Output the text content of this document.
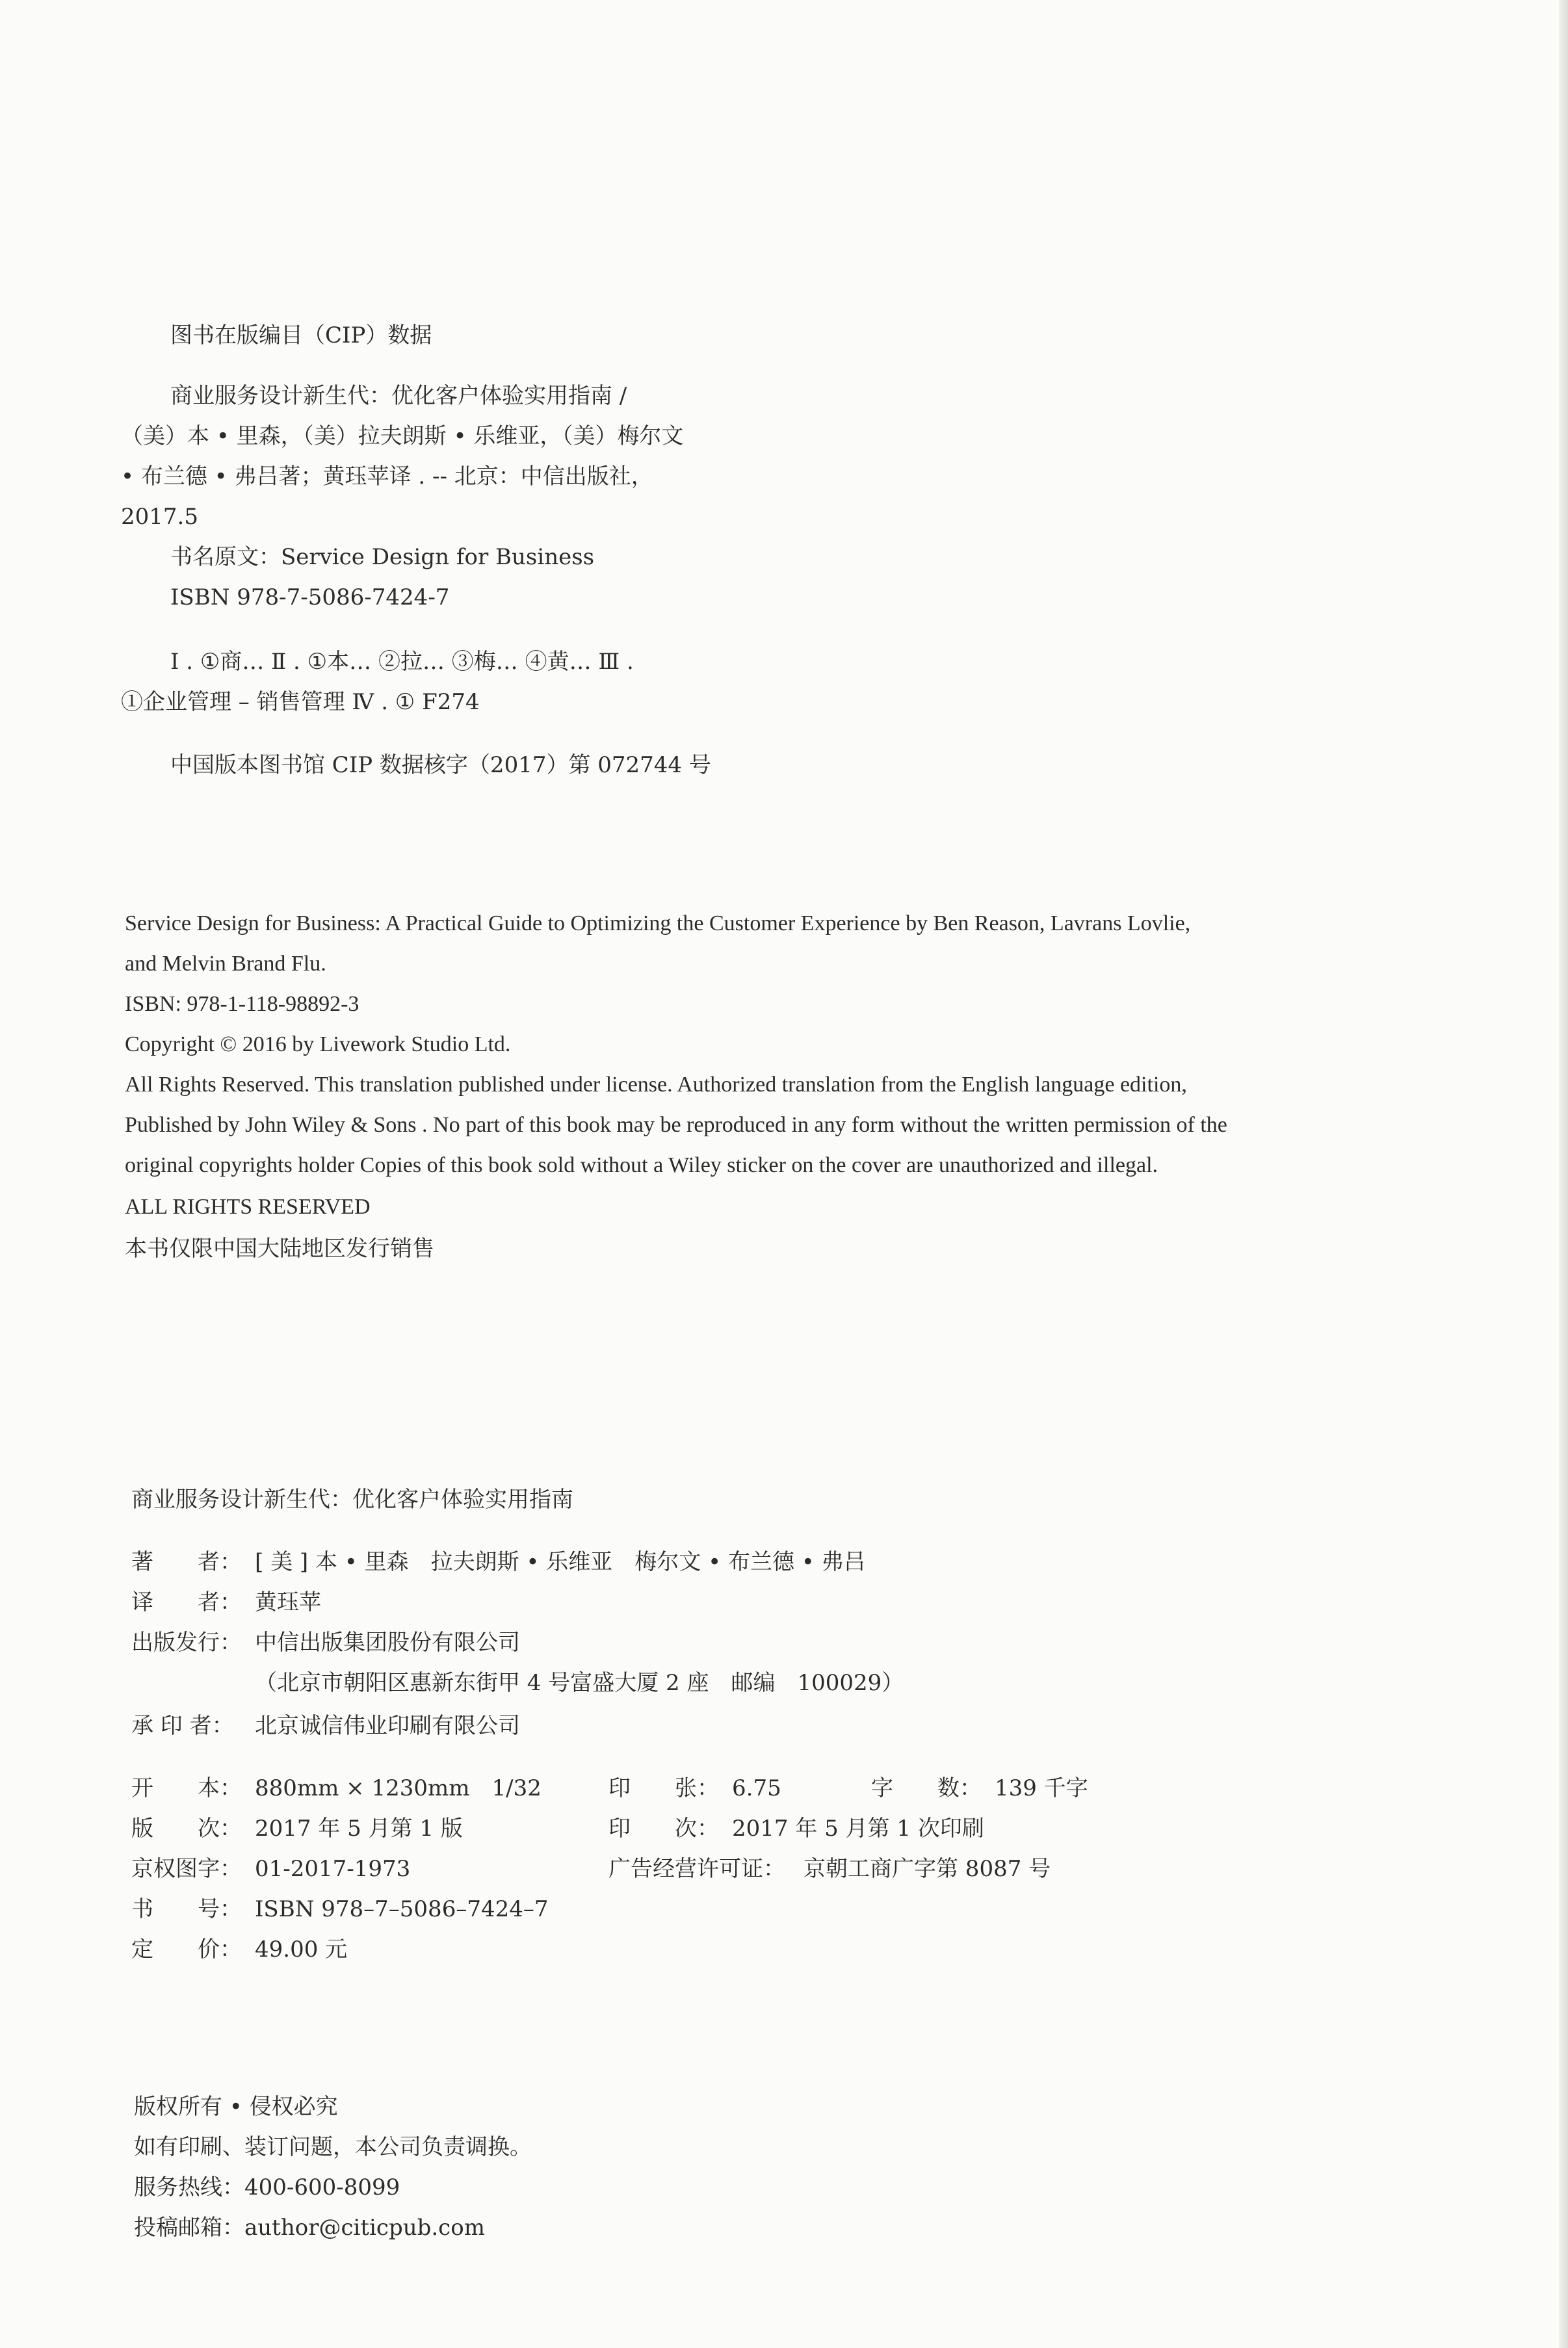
图书在版编目（CIP）数据
商业服务设计新生代：优化客户体验实用指南 /
（美）本 • 里森，（美）拉夫朗斯 • 乐维亚，（美）梅尔文
• 布兰德 • 弗吕著；黄珏苹译 . -- 北京：中信出版社，
2017.5
书名原文：Service Design for Business
ISBN 978-7-5086-7424-7
Ⅰ . ①商… Ⅱ . ①本… ②拉… ③梅… ④黄… Ⅲ .
①企业管理 – 销售管理 Ⅳ . ① F274
中国版本图书馆 CIP 数据核字（2017）第 072744 号
Service Design for Business: A Practical Guide to Optimizing the Customer Experience by Ben Reason, Lavrans Lovlie,
and Melvin Brand Flu.
ISBN: 978-1-118-98892-3
Copyright © 2016 by Livework Studio Ltd.
All Rights Reserved. This translation published under license. Authorized translation from the English language edition,
Published by John Wiley & Sons . No part of this book may be reproduced in any form without the written permission of the
original copyrights holder Copies of this book sold without a Wiley sticker on the cover are unauthorized and illegal.
ALL RIGHTS RESERVED
本书仅限中国大陆地区发行销售
商业服务设计新生代：优化客户体验实用指南
著　　者： [ 美 ] 本 • 里森　拉夫朗斯 • 乐维亚　梅尔文 • 布兰德 • 弗吕
译　　者： 黄珏苹
出版发行： 中信出版集团股份有限公司
（北京市朝阳区惠新东街甲 4 号富盛大厦 2 座　邮编　100029）
承 印 者： 北京诚信伟业印刷有限公司
开　　本： 880mm × 1230mm　1/32	印　　张： 6.75	字　　数： 139 千字
版　　次： 2017 年 5 月第 1 版	印　　次： 2017 年 5 月第 1 次印刷
京权图字： 01-2017-1973	广告经营许可证： 京朝工商广字第 8087 号
书　　号： ISBN 978–7–5086–7424–7
定　　价： 49.00 元
版权所有 • 侵权必究
如有印刷、装订问题，本公司负责调换。
服务热线：400-600-8099
投稿邮箱：author@citicpub.com
